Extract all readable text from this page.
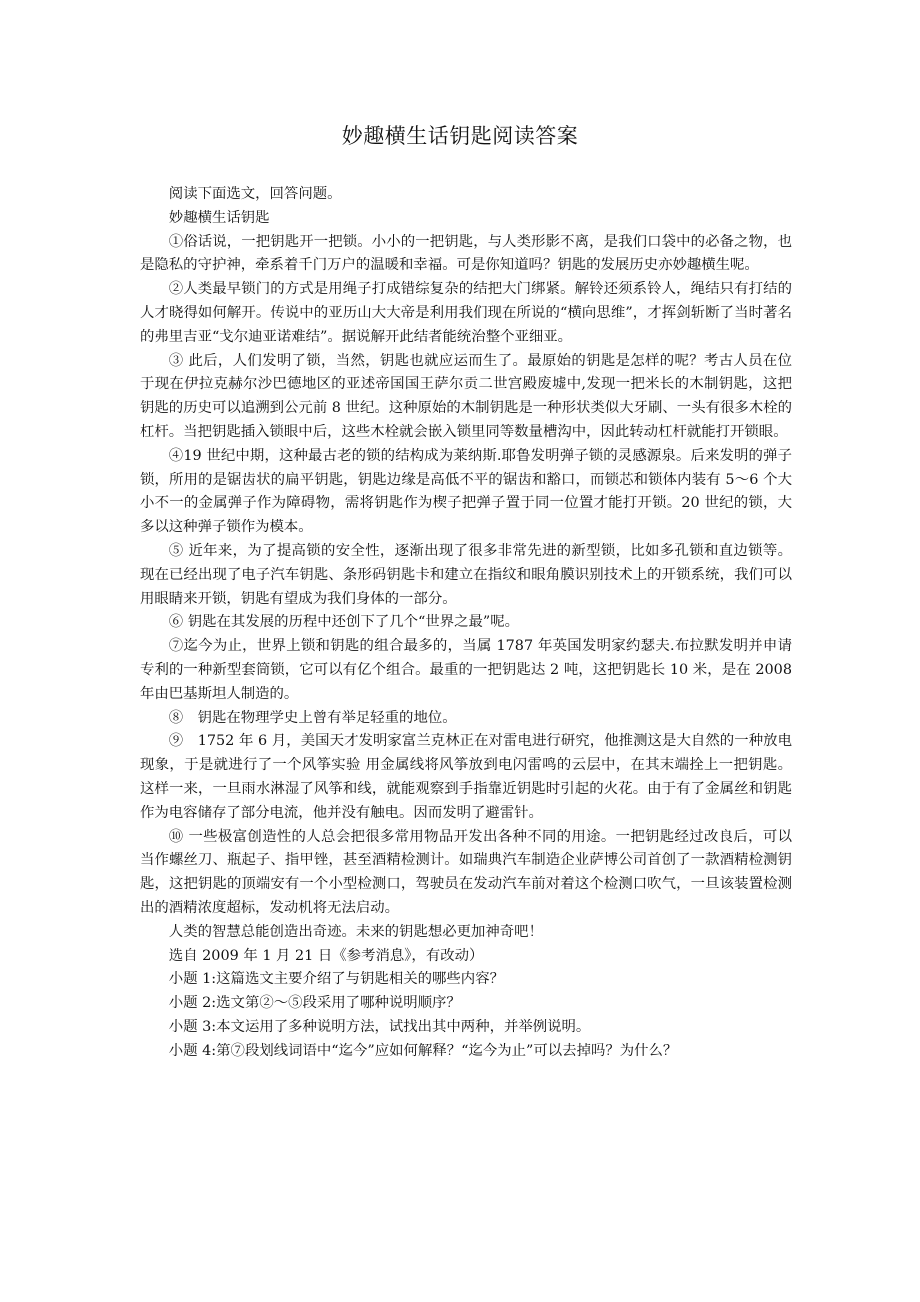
妙趣横生话钥匙阅读答案

阅读下面选文，回答问题。

妙趣横生话钥匙

①俗话说，一把钥匙开一把锁。小小的一把钥匙，与人类形影不离，是我们口袋中的必备之物，也是隐私的守护神，牵系着千门万户的温暖和幸福。可是你知道吗？钥匙的发展历史亦妙趣横生呢。

②人类最早锁门的方式是用绳子打成错综复杂的结把大门绑紧。解铃还须系铃人，绳结只有打结的人才晓得如何解开。传说中的亚历山大大帝是利用我们现在所说的“横向思维”，才挥剑斩断了当时著名的弗里吉亚“戈尔迪亚诺难结”。据说解开此结者能统治整个亚细亚。

③ 此后，人们发明了锁，当然，钥匙也就应运而生了。最原始的钥匙是怎样的呢？考古人员在位于现在伊拉克赫尔沙巴德地区的亚述帝国国王萨尔贡二世宫殿废墟中,发现一把米长的木制钥匙，这把钥匙的历史可以追溯到公元前 8 世纪。这种原始的木制钥匙是一种形状类似大牙刷、一头有很多木栓的杠杆。当把钥匙插入锁眼中后，这些木栓就会嵌入锁里同等数量槽沟中，因此转动杠杆就能打开锁眼。

④19 世纪中期，这种最古老的锁的结构成为莱纳斯.耶鲁发明弹子锁的灵感源泉。后来发明的弹子锁，所用的是锯齿状的扁平钥匙，钥匙边缘是高低不平的锯齿和豁口，而锁芯和锁体内装有 5～6 个大小不一的金属弹子作为障碍物，需将钥匙作为楔子把弹子置于同一位置才能打开锁。20 世纪的锁，大多以这种弹子锁作为模本。

⑤ 近年来，为了提高锁的安全性，逐渐出现了很多非常先进的新型锁，比如多孔锁和直边锁等。现在已经出现了电子汽车钥匙、条形码钥匙卡和建立在指纹和眼角膜识别技术上的开锁系统，我们可以用眼睛来开锁，钥匙有望成为我们身体的一部分。

⑥ 钥匙在其发展的历程中还创下了几个“世界之最”呢。

⑦迄今为止，世界上锁和钥匙的组合最多的，当属 1787 年英国发明家约瑟夫.布拉默发明并申请专利的一种新型套筒锁，它可以有亿个组合。最重的一把钥匙达 2 吨，这把钥匙长 10 米，是在 2008 年由巴基斯坦人制造的。

⑧　钥匙在物理学史上曾有举足轻重的地位。

⑨　1752 年 6 月，美国天才发明家富兰克林正在对雷电进行研究，他推测这是大自然的一种放电现象，于是就进行了一个风筝实验 用金属线将风筝放到电闪雷鸣的云层中，在其末端拴上一把钥匙。这样一来，一旦雨水淋湿了风筝和线，就能观察到手指靠近钥匙时引起的火花。由于有了金属丝和钥匙作为电容储存了部分电流，他并没有触电。因而发明了避雷针。

⑩ 一些极富创造性的人总会把很多常用物品开发出各种不同的用途。一把钥匙经过改良后，可以当作螺丝刀、瓶起子、指甲锉，甚至酒精检测计。如瑞典汽车制造企业萨博公司首创了一款酒精检测钥匙，这把钥匙的顶端安有一个小型检测口，驾驶员在发动汽车前对着这个检测口吹气，一旦该装置检测出的酒精浓度超标，发动机将无法启动。

人类的智慧总能创造出奇迹。未来的钥匙想必更加神奇吧！

选自 2009 年 1 月 21 日《参考消息》，有改动）

小题 1:这篇选文主要介绍了与钥匙相关的哪些内容？

小题 2:选文第②～⑤段采用了哪种说明顺序？

小题 3:本文运用了多种说明方法，试找出其中两种，并举例说明。

小题 4:第⑦段划线词语中“迄今”应如何解释？“迄今为止”可以去掉吗？为什么？
